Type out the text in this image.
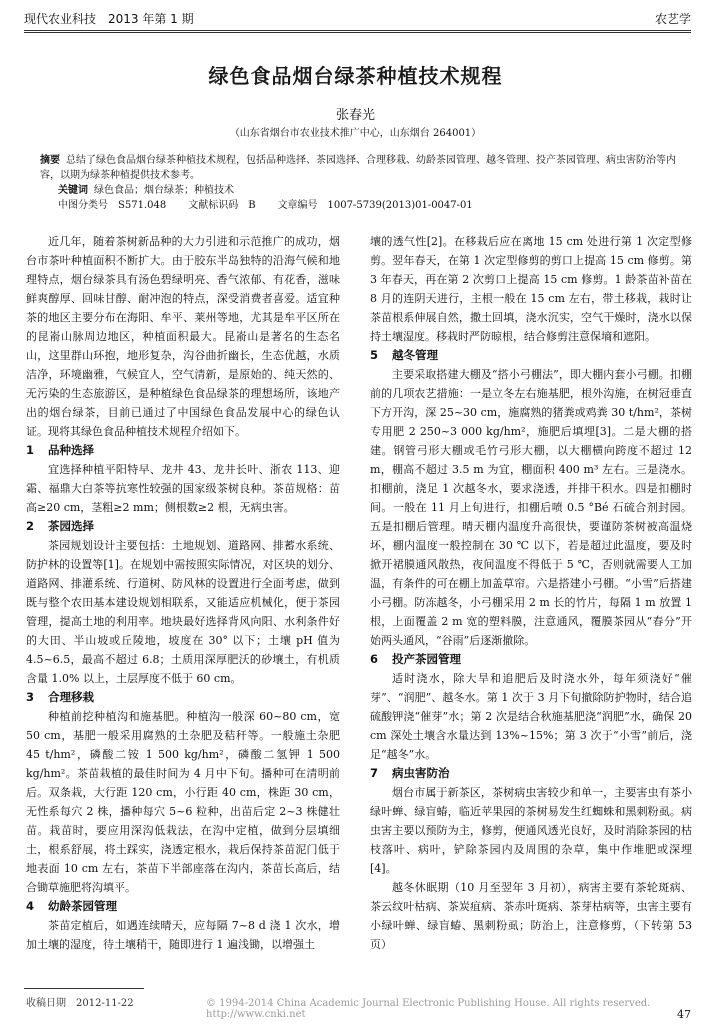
现代农业科技　2013 年第 1 期	农艺学
绿色食品烟台绿茶种植技术规程
张春光
（山东省烟台市农业技术推广中心，山东烟台 264001）

摘要 总结了绿色食品烟台绿茶种植技术规程，包括品种选择、茶园选择、合理移栽、幼龄茶园管理、越冬管理、投产茶园管理、病虫害防治等内容，以期为绿茶种植提供技术参考。

关键词 绿色食品；烟台绿茶；种植技术

中图分类号　S571.048 文献标识码　B 文章编号　1007-5739(2013)01-0047-01

近几年，随着茶树新品种的大力引进和示范推广的成功，烟台市茶叶种植面积不断扩大。由于胶东半岛独特的沿海气候和地理特点，烟台绿茶具有汤色碧绿明亮、香气浓郁、有花香，滋味鲜爽醇厚、回味甘醇、耐冲泡的特点，深受消费者喜爱。适宜种茶的地区主要分布在海阳、牟平、莱州等地，尤其是牟平区所在的昆嵛山脉周边地区，种植面积最大。昆嵛山是著名的生态名山，这里群山环抱，地形复杂，沟谷曲折幽长，生态优越，水质洁净，环境幽雅，气候宜人，空气清新，是原始的、纯天然的、无污染的生态旅游区，是种植绿色食品绿茶的理想场所，该地产出的烟台绿茶，目前已通过了中国绿色食品发展中心的绿色认证。现将其绿色食品种植技术规程介绍如下。

1 品种选择

宜选择种植平阳特早、龙井 43、龙井长叶、浙农 113、迎霜、福鼎大白茶等抗寒性较强的国家级茶树良种。茶苗规格：苗高≥20 cm，茎粗≥2 mm；侧根数≥2 根，无病虫害。

2 茶园选择

茶园规划设计主要包括：土地规划、道路网、排蓄水系统、防护林的设置等[1]。在规划中需按照实际情况，对区块的划分、道路网、排灌系统、行道树、防风林的设置进行全面考虑，做到既与整个农田基本建设规划相联系，又能适应机械化，便于茶园管理，提高土地的利用率。地块最好选择背风向阳、水利条件好的大田、半山坡或丘陵地，坡度在 30° 以下；土壤 pH 值为 4.5~6.5，最高不超过 6.8；土质用深厚肥沃的砂壤土，有机质含量 1.0% 以上，土层厚度不低于 60 cm。

3 合理移栽

种植前挖种植沟和施基肥。种植沟一般深 60~80 cm，宽 50 cm，基肥一般采用腐熟的土杂肥及秸秆等。一般施土杂肥 45 t/hm²，磷酸二铵 1 500 kg/hm²，磷酸二氢钾 1 500 kg/hm²。茶苗栽植的最佳时间为 4 月中下旬。播种可在清明前后。双条栽，大行距 120 cm，小行距 40 cm，株距 30 cm，无性系每穴 2 株，播种每穴 5~6 粒种，出苗后定 2~3 株健壮苗。栽苗时，要应用深沟低栽法，在沟中定植，做到分层填细土，根系舒展，将土踩实，浇透定根水，栽后保持茶苗泥门低于地表面 10 cm 左右，茶苗下半部座落在沟内，茶苗长高后，结合锄草施肥将沟填平。

4 幼龄茶园管理

茶苗定植后，如遇连续晴天，应每隔 7~8 d 浇 1 次水，增加土壤的湿度，待土壤稍干，随即进行 1 遍浅锄，以增强土

壤的透气性[2]。在移栽后应在离地 15 cm 处进行第 1 次定型修剪。翌年春天，在第 1 次定型修剪的剪口上提高 15 cm 修剪。第 3 年春天，再在第 2 次剪口上提高 15 cm 修剪。1 龄茶苗补苗在 8 月的连阴天进行，主根一般在 15 cm 左右，带土移栽，栽时让茶苗根系伸展自然，撒土回填，浇水沉实，空气干燥时，浇水以保持土壤湿度。移栽时严防晾根，结合修剪注意保墒和遮阳。

5 越冬管理

主要采取搭建大棚及“搭小弓棚法”，即大棚内套小弓棚。扣棚前的几项农艺措施：一是立冬左右施基肥，根外沟施，在树冠垂直下方开沟，深 25~30 cm，施腐熟的猪粪或鸡粪 30 t/hm²，茶树专用肥 2 250~3 000 kg/hm²，施肥后填埋[3]。二是大棚的搭建。钢管弓形大棚或毛竹弓形大棚，以大棚横向跨度不超过 12 m，棚高不超过 3.5 m 为宜，棚面积 400 m³ 左右。三是浇水。扣棚前，浇足 1 次越冬水，要求浇透，并排干积水。四是扣棚时间。一般在 11 月上旬进行，扣棚后喷 0.5 °Bé 石硫合剂封园。五是扣棚后管理。晴天棚内温度升高很快，要谨防茶树被高温烧坏，棚内温度一般控制在 30 ℃ 以下，若是超过此温度，要及时掀开裙膜通风散热，夜间温度不得低于 5 ℃，否则就需要人工加温，有条件的可在棚上加盖草帘。六是搭建小弓棚。“小雪”后搭建小弓棚。防冻越冬，小弓棚采用 2 m 长的竹片，每隔 1 m 放置 1 根，上面覆盖 2 m 宽的塑料膜，注意通风，覆膜茶园从“春分”开始两头通风，“谷雨”后逐渐撤除。

6 投产茶园管理

适时浇水，除大旱和追肥后及时浇水外，每年须浇好“催芽”、“润肥”、越冬水。第 1 次于 3 月下旬撤除防护物时，结合追硫酸钾浇“催芽”水；第 2 次是结合秋施基肥浇“润肥”水，确保 20 cm 深处土壤含水量达到 13%~15%；第 3 次于“小雪”前后，浇足“越冬”水。

7 病虫害防治

烟台市属于新茶区，茶树病虫害较少和单一，主要害虫有茶小绿叶蝉、绿盲蝽，临近苹果园的茶树易发生红蜘蛛和黑刺粉虱。病虫害主要以预防为主，修剪，便通风透光良好，及时消除茶园的枯枝落叶、病叶，铲除茶园内及周围的杂草，集中作堆肥或深埋[4]。

越冬休眠期（10 月至翌年 3 月初），病害主要有茶轮斑病、茶云纹叶枯病、茶炭疽病、茶赤叶斑病、茶芽枯病等，虫害主要有小绿叶蝉、绿盲蝽、黑刺粉虱；防治上，注意修剪，（下转第 53 页）

收稿日期　2012-11-22	© 1994-2014 China Academic Journal Electronic Publishing House. All rights reserved.　http://www.cnki.net	47
